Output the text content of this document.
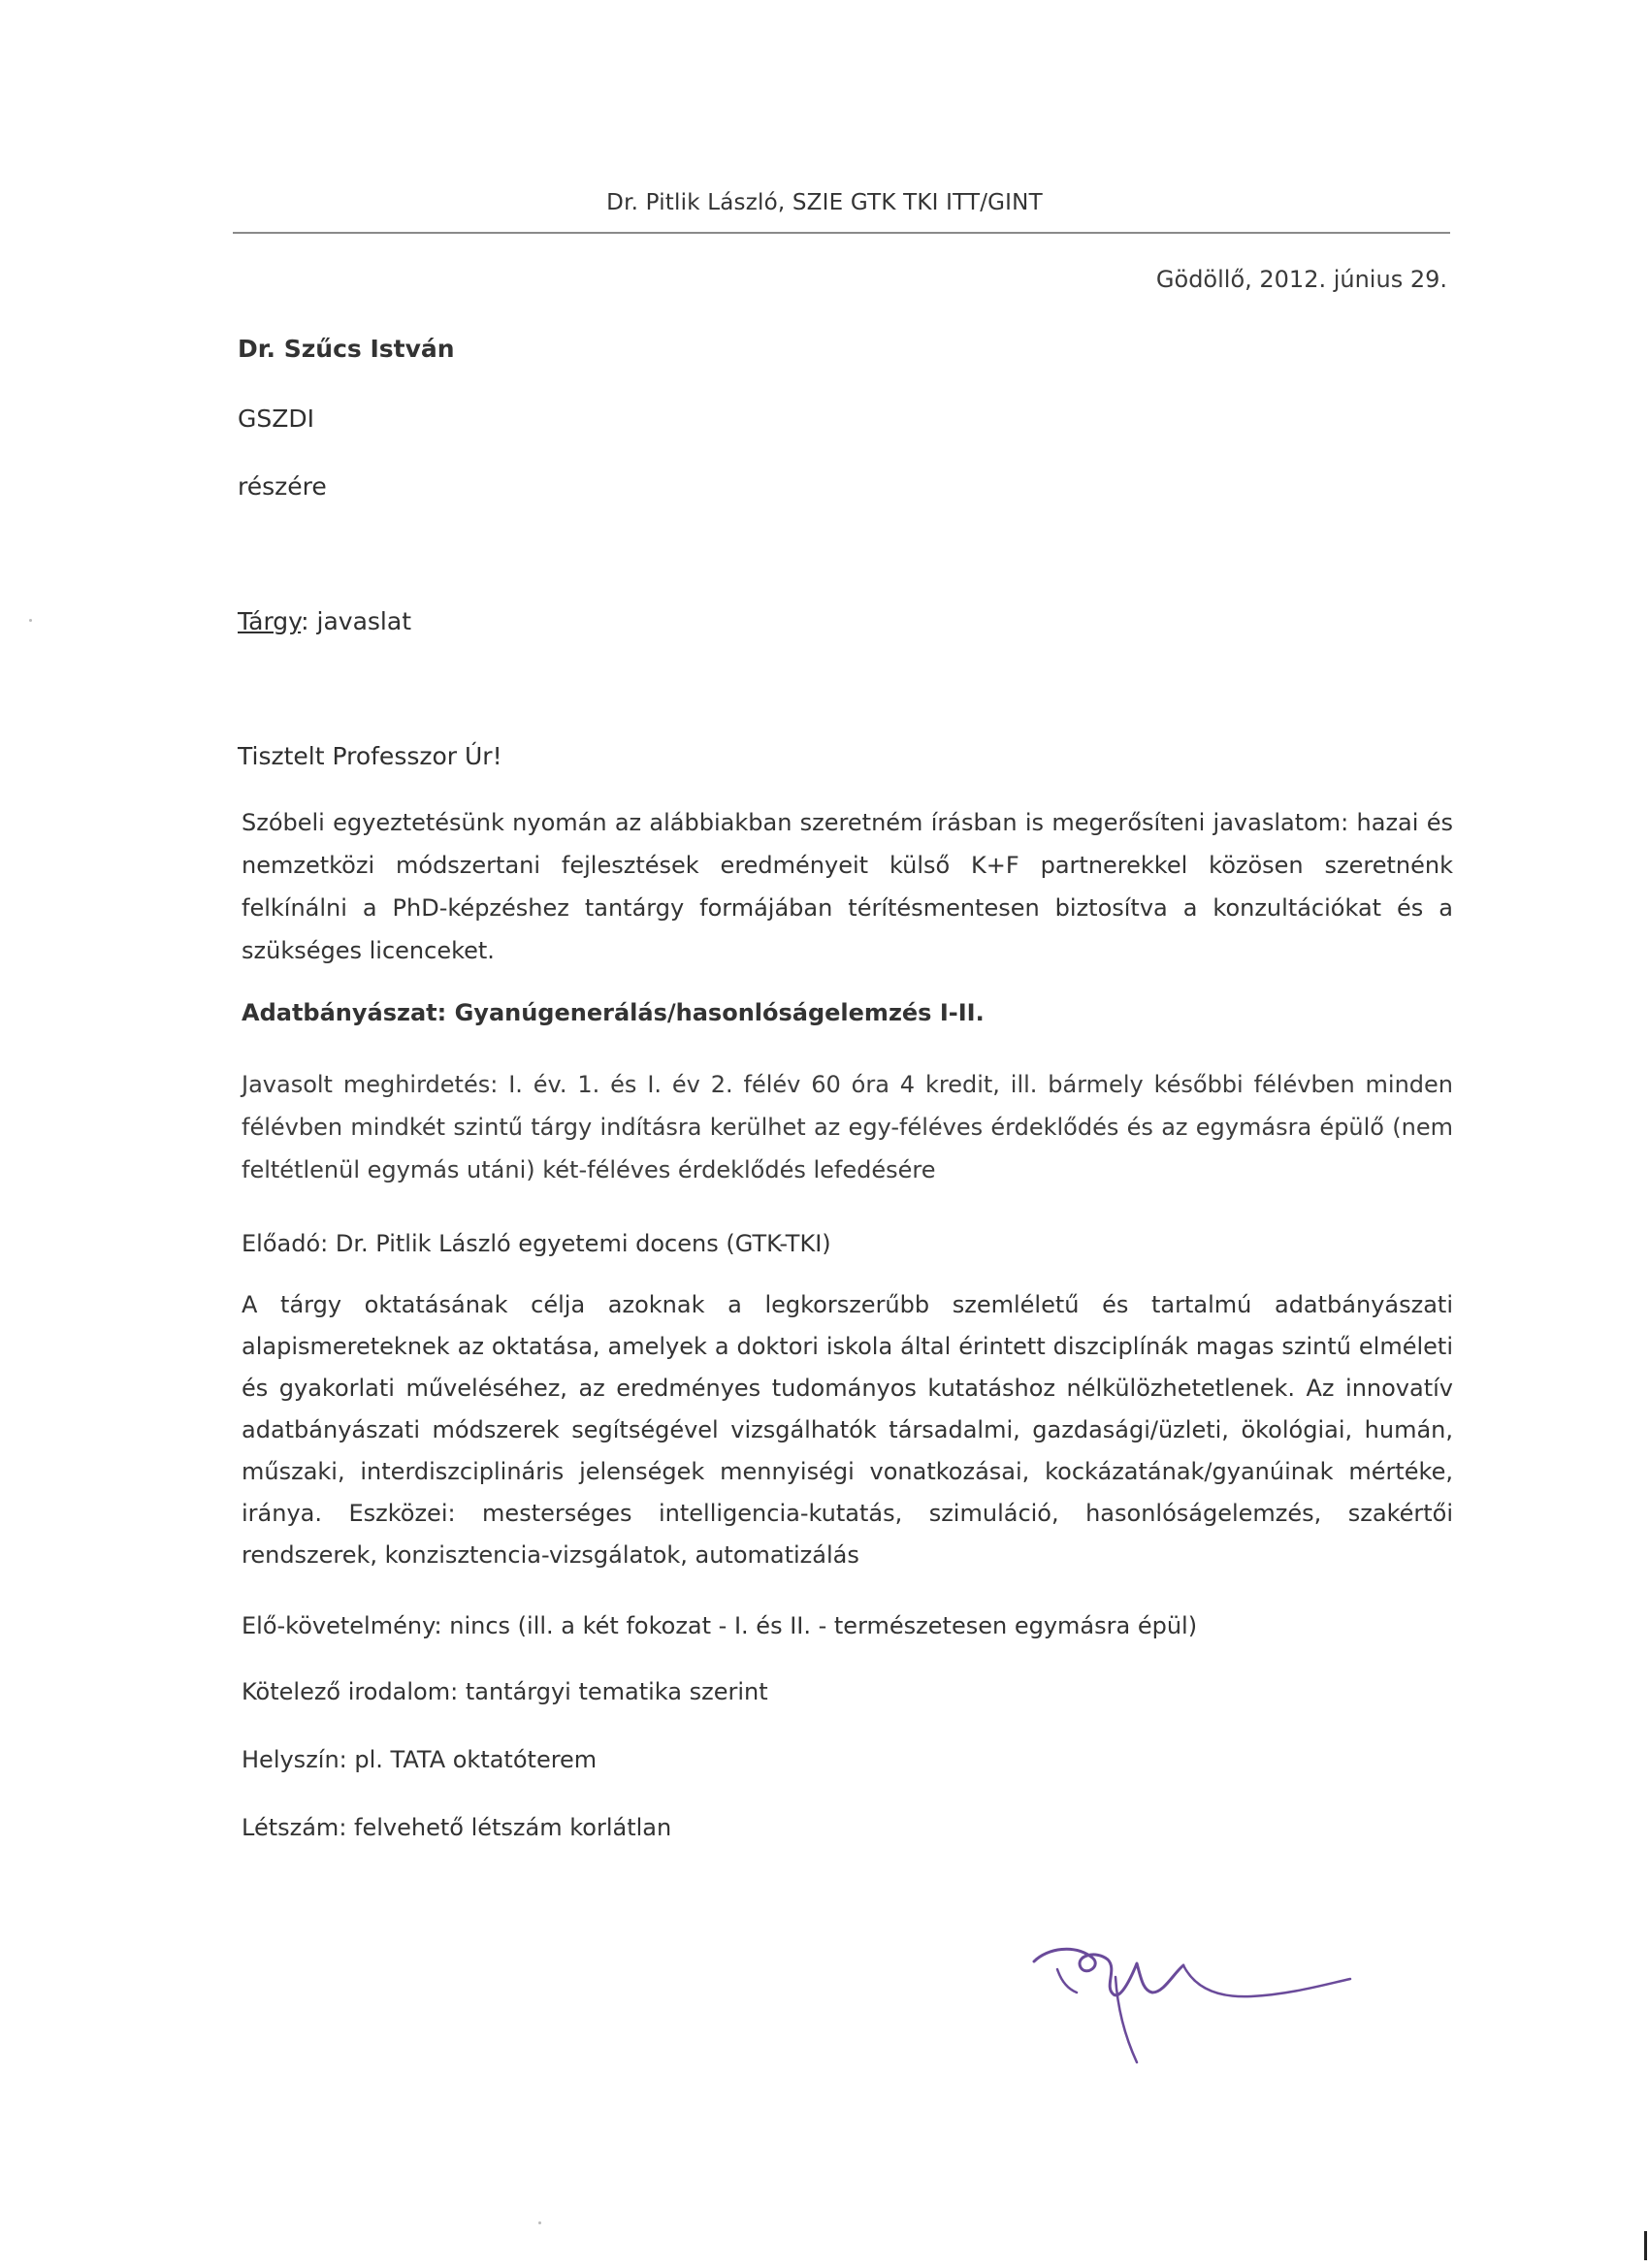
Dr. Pitlik László, SZIE GTK TKI ITT/GINT
Gödöllő, 2012. június 29.
Dr. Szűcs István
GSZDI
részére
Tárgy: javaslat
Tisztelt Professzor Úr!
Szóbeli egyeztetésünk nyomán az alábbiakban szeretném írásban is megerősíteni javaslatom: hazai és nemzetközi módszertani fejlesztések eredményeit külső K+F partnerekkel közösen szeretnénk felkínálni a PhD-képzéshez tantárgy formájában térítésmentesen biztosítva a konzultációkat és a szükséges licenceket.
Adatbányászat: Gyanúgenerálás/hasonlóságelemzés I-II.
Javasolt meghirdetés: I. év. 1. és I. év 2. félév 60 óra 4 kredit, ill. bármely későbbi félévben minden félévben mindkét szintű tárgy indításra kerülhet az egy-féléves érdeklődés és az egymásra épülő (nem feltétlenül egymás utáni) két-féléves érdeklődés lefedésére
Előadó: Dr. Pitlik László egyetemi docens (GTK-TKI)
A tárgy oktatásának célja azoknak a legkorszerűbb szemléletű és tartalmú adatbányászati alapismereteknek az oktatása, amelyek a doktori iskola által érintett diszciplínák magas szintű elméleti és gyakorlati műveléséhez, az eredményes tudományos kutatáshoz nélkülözhetetlenek. Az innovatív adatbányászati módszerek segítségével vizsgálhatók társadalmi, gazdasági/üzleti, ökológiai, humán, műszaki, interdiszciplináris jelenségek mennyiségi vonatkozásai, kockázatának/gyanúinak mértéke, iránya. Eszközei: mesterséges intelligencia-kutatás, szimuláció, hasonlóságelemzés, szakértői rendszerek, konzisztencia-vizsgálatok, automatizálás
Elő-követelmény: nincs (ill. a két fokozat - I. és II. - természetesen egymásra épül)
Kötelező irodalom: tantárgyi tematika szerint
Helyszín: pl. TATA oktatóterem
Létszám: felvehető létszám korlátlan
